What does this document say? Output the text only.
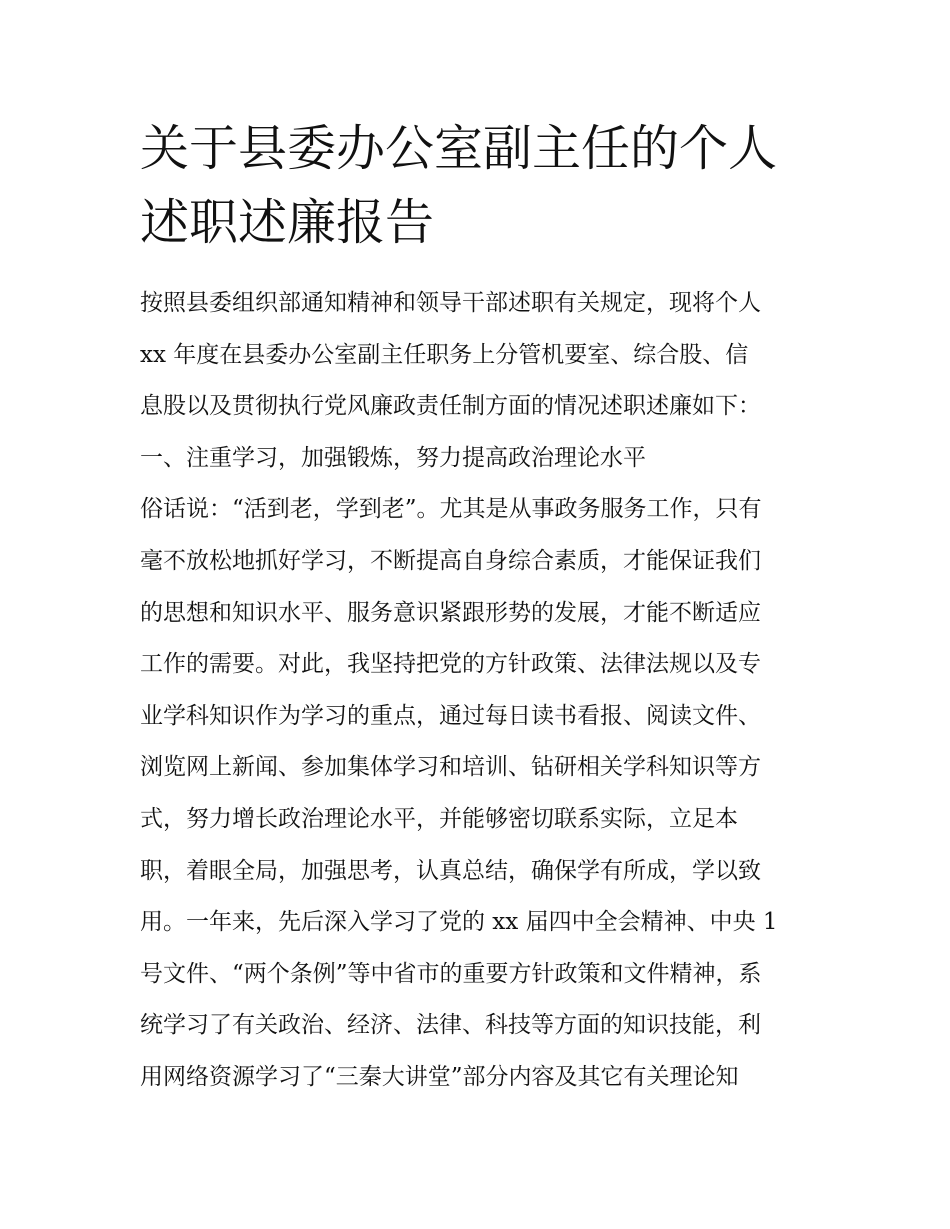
关于县委办公室副主任的个人
述职述廉报告
按照县委组织部通知精神和领导干部述职有关规定，现将个人
xx 年度在县委办公室副主任职务上分管机要室、综合股、信
息股以及贯彻执行党风廉政责任制方面的情况述职述廉如下：
一、注重学习，加强锻炼，努力提高政治理论水平
俗话说：“活到老，学到老”。尤其是从事政务服务工作，只有
毫不放松地抓好学习，不断提高自身综合素质，才能保证我们
的思想和知识水平、服务意识紧跟形势的发展，才能不断适应
工作的需要。对此，我坚持把党的方针政策、法律法规以及专
业学科知识作为学习的重点，通过每日读书看报、阅读文件、
浏览网上新闻、参加集体学习和培训、钻研相关学科知识等方
式，努力增长政治理论水平，并能够密切联系实际，立足本
职，着眼全局，加强思考，认真总结，确保学有所成，学以致
用。一年来，先后深入学习了党的 xx 届四中全会精神、中央 1
号文件、“两个条例”等中省市的重要方针政策和文件精神，系
统学习了有关政治、经济、法律、科技等方面的知识技能，利
用网络资源学习了“三秦大讲堂”部分内容及其它有关理论知
